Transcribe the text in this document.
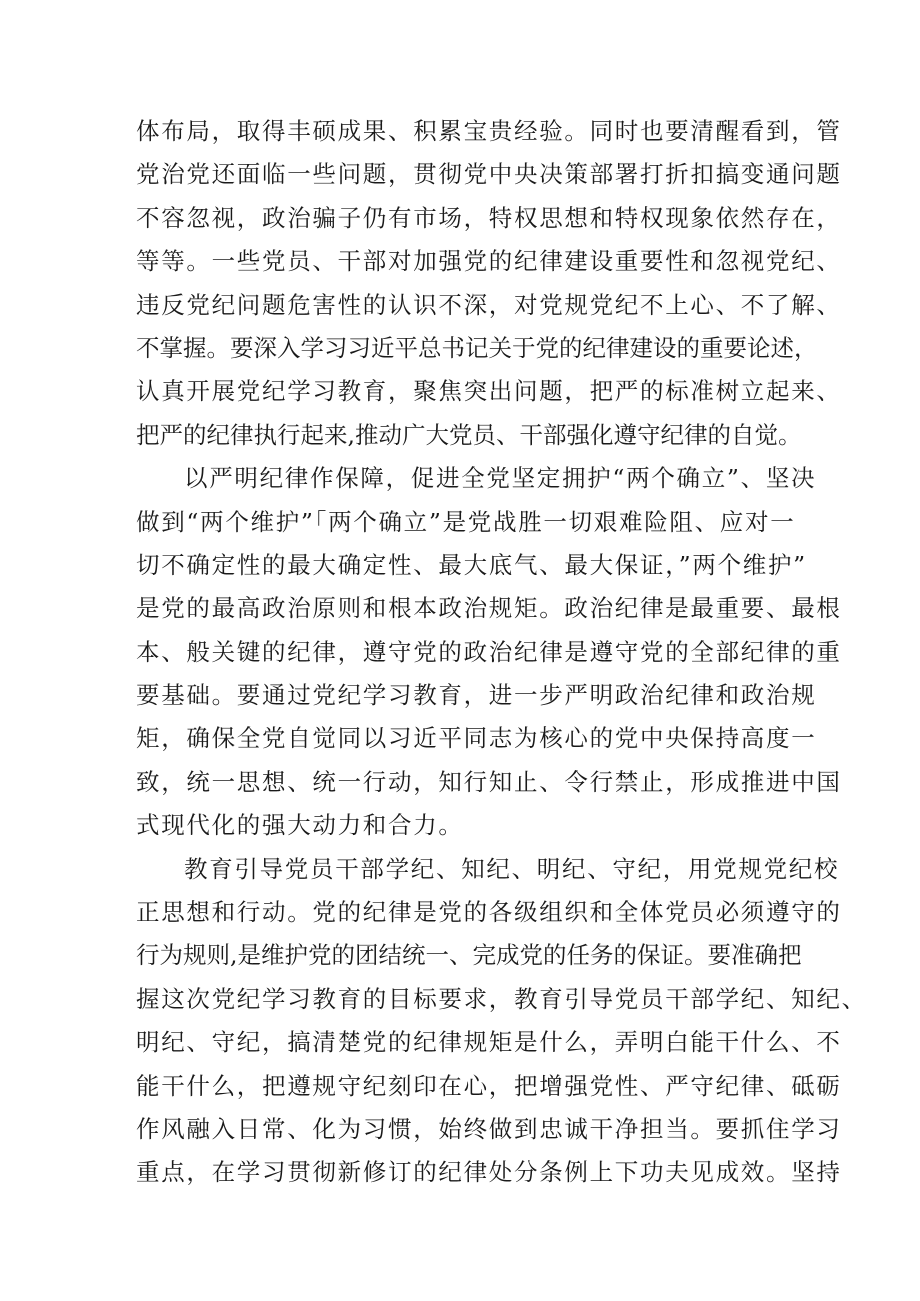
体布局，取得丰硕成果、积累宝贵经验。同时也要清醒看到，管
党治党还面临一些问题，贯彻党中央决策部署打折扣搞变通问题
不容忽视，政治骗子仍有市场，特权思想和特权现象依然存在，
等等。一些党员、干部对加强党的纪律建设重要性和忽视党纪、
违反党纪问题危害性的认识不深，对党规党纪不上心、不了解、
不掌握。要深入学习习近平总书记关于党的纪律建设的重要论述，
认真开展党纪学习教育，聚焦突出问题，把严的标准树立起来、
把严的纪律执行起来,推动广大党员、干部强化遵守纪律的自觉。
以严明纪律作保障，促进全党坚定拥护“两个确立”、坚决
做到“两个维护”「两个确立”是党战胜一切艰难险阻、应对一
切不确定性的最大确定性、最大底气、最大保证，”两个维护”
是党的最高政治原则和根本政治规矩。政治纪律是最重要、最根
本、般关键的纪律，遵守党的政治纪律是遵守党的全部纪律的重
要基础。要通过党纪学习教育，进一步严明政治纪律和政治规
矩，确保全党自觉同以习近平同志为核心的党中央保持高度一
致，统一思想、统一行动，知行知止、令行禁止，形成推进中国
式现代化的强大动力和合力。
教育引导党员干部学纪、知纪、明纪、守纪，用党规党纪校
正思想和行动。党的纪律是党的各级组织和全体党员必须遵守的
行为规则,是维护党的团结统一、完成党的任务的保证。要准确把
握这次党纪学习教育的目标要求，教育引导党员干部学纪、知纪、
明纪、守纪，搞清楚党的纪律规矩是什么，弄明白能干什么、不
能干什么，把遵规守纪刻印在心，把增强党性、严守纪律、砥砺
作风融入日常、化为习惯，始终做到忠诚干净担当。要抓住学习
重点，在学习贯彻新修订的纪律处分条例上下功夫见成效。坚持
